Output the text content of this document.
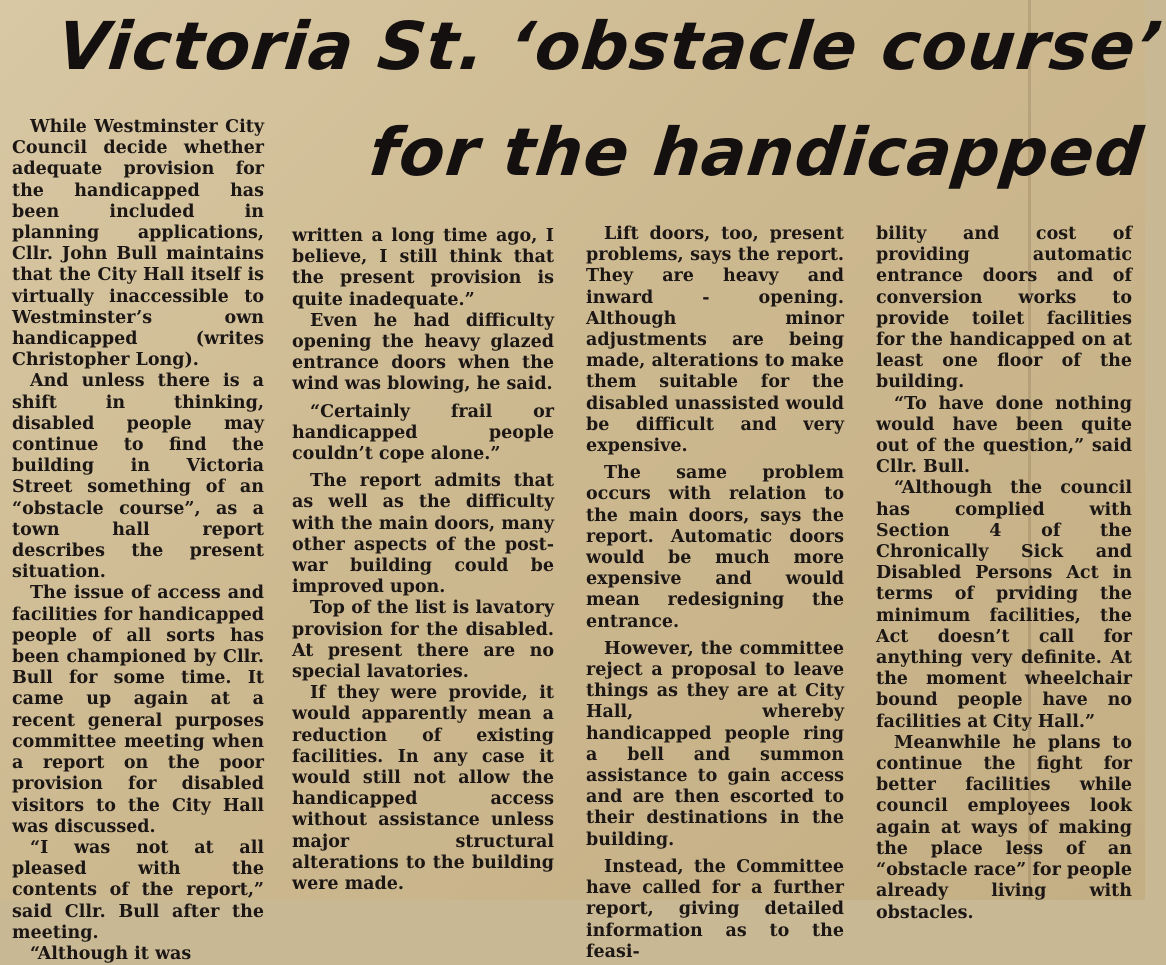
Victoria St. ‘obstacle course’
for the handicapped

While Westminster City Council decide whether adequate provision for the handicapped has been included in planning applications, Cllr. John Bull maintains that the City Hall itself is virtually inaccessible to Westminster’s own handicapped (writes Christopher Long).

And unless there is a shift in thinking, disabled people may continue to find the building in Victoria Street something of an “obstacle course”, as a town hall report describes the present situation.

The issue of access and facilities for handicapped people of all sorts has been championed by Cllr. Bull for some time. It came up again at a recent general purposes committee meeting when a report on the poor provision for disabled visitors to the City Hall was discussed.

“I was not at all pleased with the contents of the report,” said Cllr. Bull after the meeting.

“Although it was

written a long time ago, I believe, I still think that the present provision is quite inadequate.”

Even he had difficulty opening the heavy glazed entrance doors when the wind was blowing, he said.

“Certainly frail or handicapped people couldn’t cope alone.”

The report admits that as well as the difficulty with the main doors, many other aspects of the post-war building could be improved upon.

Top of the list is lavatory provision for the disabled. At present there are no special lavatories.

If they were provide, it would apparently mean a reduction of existing facilities. In any case it would still not allow the handicapped access without assistance unless major structural alterations to the building were made.

Lift doors, too, present problems, says the report. They are heavy and inward - opening. Although minor adjustments are being made, alterations to make them suitable for the disabled unassisted would be difficult and very expensive.

The same problem occurs with relation to the main doors, says the report. Automatic doors would be much more expensive and would mean redesigning the entrance.

However, the committee reject a proposal to leave things as they are at City Hall, whereby handicapped people ring a bell and summon assistance to gain access and are then escorted to their destinations in the building.

Instead, the Committee have called for a further report, giving detailed information as to the feasi-

bility and cost of providing automatic entrance doors and of conversion works to provide toilet facilities for the handicapped on at least one floor of the building.

“To have done nothing would have been quite out of the question,” said Cllr. Bull.

“Although the council has complied with Section 4 of the Chronically Sick and Disabled Persons Act in terms of prviding the minimum facilities, the Act doesn’t call for anything very definite. At the moment wheelchair bound people have no facilities at City Hall.”

Meanwhile he plans to continue the fight for better facilities while council employees look again at ways of making the place less of an “obstacle race” for people already living with obstacles.
